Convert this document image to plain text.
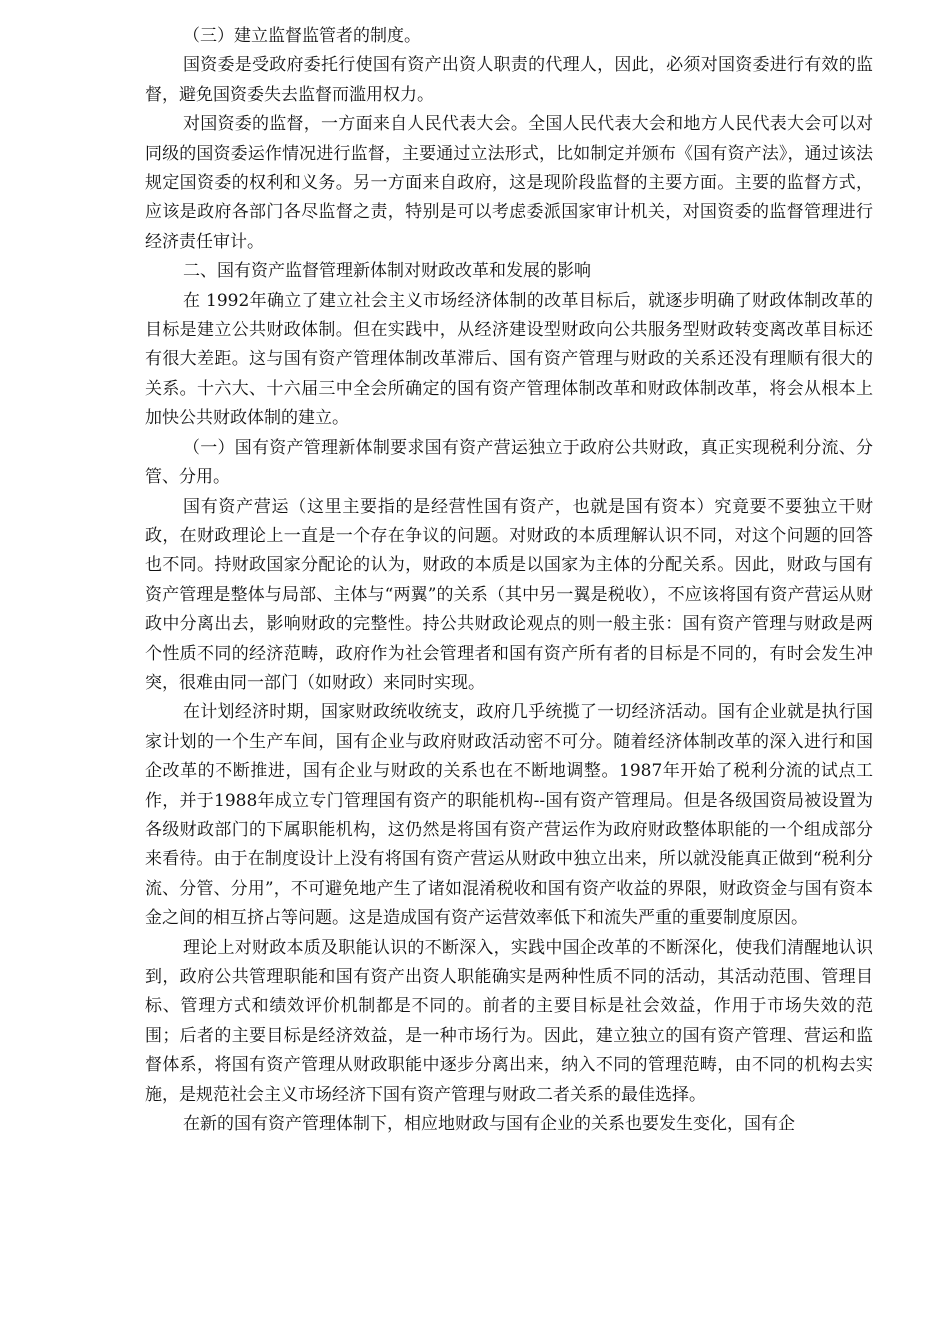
（三）建立监督监管者的制度。

国资委是受政府委托行使国有资产出资人职责的代理人，因此，必须对国资委进行有效的监督，避免国资委失去监督而滥用权力。

对国资委的监督，一方面来自人民代表大会。全国人民代表大会和地方人民代表大会可以对同级的国资委运作情况进行监督，主要通过立法形式，比如制定并颁布《国有资产法》，通过该法规定国资委的权利和义务。另一方面来自政府，这是现阶段监督的主要方面。主要的监督方式，应该是政府各部门各尽监督之责，特别是可以考虑委派国家审计机关，对国资委的监督管理进行经济责任审计。

二、国有资产监督管理新体制对财政改革和发展的影响

在 1992年确立了建立社会主义市场经济体制的改革目标后，就逐步明确了财政体制改革的目标是建立公共财政体制。但在实践中，从经济建设型财政向公共服务型财政转变离改革目标还有很大差距。这与国有资产管理体制改革滞后、国有资产管理与财政的关系还没有理顺有很大的关系。十六大、十六届三中全会所确定的国有资产管理体制改革和财政体制改革，将会从根本上加快公共财政体制的建立。

（一）国有资产管理新体制要求国有资产营运独立于政府公共财政，真正实现税利分流、分管、分用。

国有资产营运（这里主要指的是经营性国有资产，也就是国有资本）究竟要不要独立干财政，在财政理论上一直是一个存在争议的问题。对财政的本质理解认识不同，对这个问题的回答也不同。持财政国家分配论的认为，财政的本质是以国家为主体的分配关系。因此，财政与国有资产管理是整体与局部、主体与“两翼”的关系（其中另一翼是税收），不应该将国有资产营运从财政中分离出去，影响财政的完整性。持公共财政论观点的则一般主张：国有资产管理与财政是两个性质不同的经济范畴，政府作为社会管理者和国有资产所有者的目标是不同的，有时会发生冲突，很难由同一部门（如财政）来同时实现。

在计划经济时期，国家财政统收统支，政府几乎统揽了一切经济活动。国有企业就是执行国家计划的一个生产车间，国有企业与政府财政活动密不可分。随着经济体制改革的深入进行和国企改革的不断推进，国有企业与财政的关系也在不断地调整。1987年开始了税利分流的试点工作，并于1988年成立专门管理国有资产的职能机构--国有资产管理局。但是各级国资局被设置为各级财政部门的下属职能机构，这仍然是将国有资产营运作为政府财政整体职能的一个组成部分来看待。由于在制度设计上没有将国有资产营运从财政中独立出来，所以就没能真正做到“税利分流、分管、分用”，不可避免地产生了诸如混淆税收和国有资产收益的界限，财政资金与国有资本金之间的相互挤占等问题。这是造成国有资产运营效率低下和流失严重的重要制度原因。

理论上对财政本质及职能认识的不断深入，实践中国企改革的不断深化，使我们清醒地认识到，政府公共管理职能和国有资产出资人职能确实是两种性质不同的活动，其活动范围、管理目标、管理方式和绩效评价机制都是不同的。前者的主要目标是社会效益，作用于市场失效的范围；后者的主要目标是经济效益，是一种市场行为。因此，建立独立的国有资产管理、营运和监督体系，将国有资产管理从财政职能中逐步分离出来，纳入不同的管理范畴，由不同的机构去实施，是规范社会主义市场经济下国有资产管理与财政二者关系的最佳选择。

在新的国有资产管理体制下，相应地财政与国有企业的关系也要发生变化，国有企
